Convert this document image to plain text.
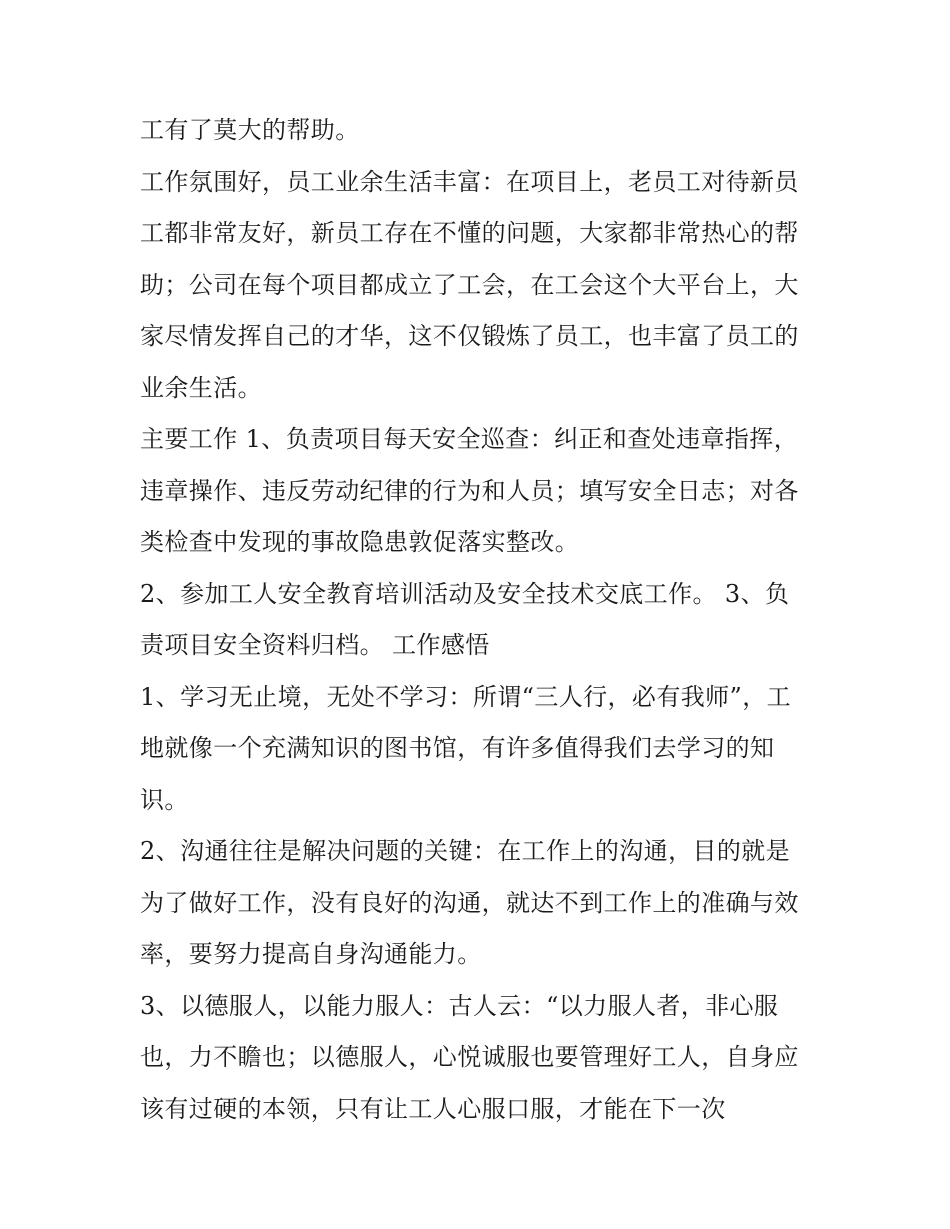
工有了莫大的帮助。
工作氛围好，员工业余生活丰富：在项目上，老员工对待新员
工都非常友好，新员工存在不懂的问题，大家都非常热心的帮
助；公司在每个项目都成立了工会，在工会这个大平台上，大
家尽情发挥自己的才华，这不仅锻炼了员工，也丰富了员工的
业余生活。
主要工作 1、负责项目每天安全巡查：纠正和查处违章指挥，
违章操作、违反劳动纪律的行为和人员；填写安全日志；对各
类检查中发现的事故隐患敦促落实整改。
2、参加工人安全教育培训活动及安全技术交底工作。 3、负
责项目安全资料归档。 工作感悟
1、学习无止境，无处不学习：所谓“三人行，必有我师”，工
地就像一个充满知识的图书馆，有许多值得我们去学习的知
识。
2、沟通往往是解决问题的关键：在工作上的沟通，目的就是
为了做好工作，没有良好的沟通，就达不到工作上的准确与效
率，要努力提高自身沟通能力。
3、以德服人，以能力服人：古人云：“以力服人者，非心服
也，力不瞻也；以德服人，心悦诚服也要管理好工人，自身应
该有过硬的本领，只有让工人心服口服，才能在下一次
